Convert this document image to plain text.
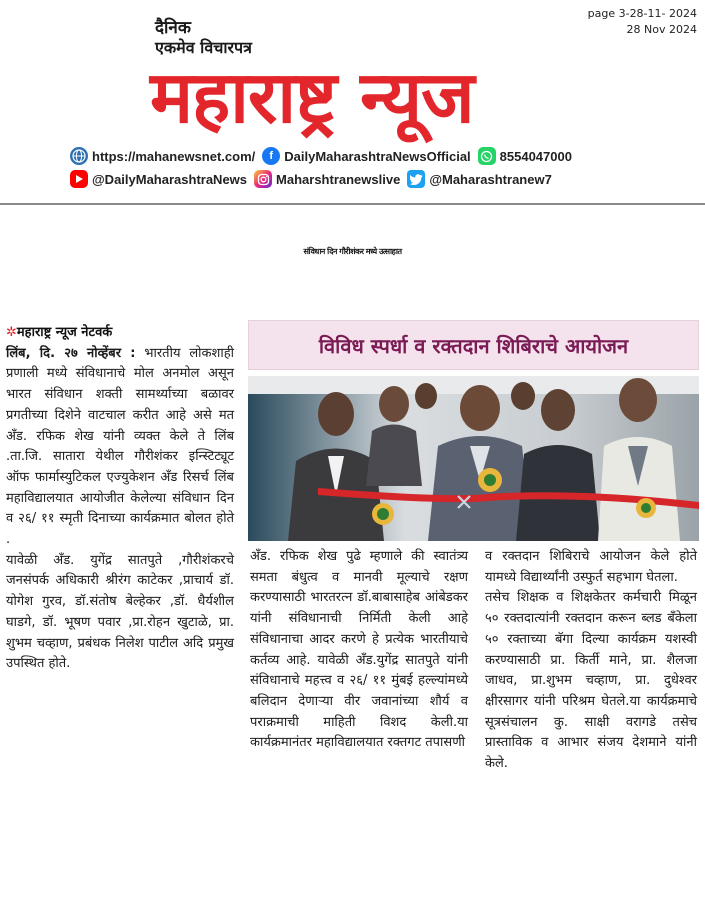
page 3-28-11- 2024
28 Nov 2024
दैनिक
एकमेव विचारपत्र
महाराष्ट्र न्यूज
https://mahanewsnet.com/	f DailyMaharashtraNewsOfficial 8554047000
@DailyMaharashtraNews Maharshtranewslive @Maharashtranew7
संविधान दिन गौरीशंकर मध्ये उत्साहात

✲महाराष्ट्र न्यूज नेटवर्क

लिंब, दि. २७ नोव्हेंबर : भारतीय लोकशाही प्रणाली मध्ये संविधानाचे मोल अनमोल असून भारत संविधान शक्ती सामर्थ्याच्या बळावर प्रगतीच्या दिशेने वाटचाल करीत आहे असे मत अँड. रफिक शेख यांनी व्यक्त केले ते लिंब .ता.जि. सातारा येथील गौरीशंकर इन्स्टिट्यूट ऑफ फार्मास्युटिकल एज्युकेशन अँड रिसर्च लिंब महाविद्यालयात आयोजीत केलेल्या संविधान दिन व २६/ ११ स्मृती दिनाच्या कार्यक्रमात बोलत होते .

यावेळी अँड. युगेंद्र सातपुते ,गौरीशंकरचे जनसंपर्क अधिकारी श्रीरंग काटेकर ,प्राचार्य डॉ. योगेश गुरव, डॉ.संतोष बेल्हेकर ,डॉ. धैर्यशील घाडगे, डॉ. भूषण पवार ,प्रा.रोहन खुटाळे, प्रा. शुभम चव्हाण, प्रबंधक निलेश पाटील अदि प्रमुख उपस्थित होते.

विविध स्पर्धा व रक्तदान शिबिराचे आयोजन

अँड. रफिक शेख पुढे म्हणाले की स्वातंत्र्य समता बंधुत्व व मानवी मूल्याचे रक्षण करण्यासाठी भारतरत्न डॉ.बाबासाहेब आंबेडकर यांनी संविधानाची निर्मिती केली आहे संविधानाचा आदर करणे हे प्रत्येक भारतीयाचे कर्तव्य आहे. यावेळी अँड.युगेंद्र सातपुते यांनी संविधानाचे महत्त्व व २६/ ११ मुंबई हल्ल्यांमध्ये बलिदान देणाऱ्या वीर जवानांच्या शौर्य व पराक्रमाची माहिती विशद केली.या कार्यक्रमानंतर महाविद्यालयात रक्तगट तपासणी

व रक्तदान शिबिराचे आयोजन केले होते यामध्ये विद्यार्थ्यांनी उस्फुर्त सहभाग घेतला.

तसेच शिक्षक व शिक्षकेतर कर्मचारी मिळून ५० रक्तदात्यांनी रक्तदान करून ब्लड बँकेला ५० रक्ताच्या बॅगा दिल्या कार्यक्रम यशस्वी करण्यासाठी प्रा. किर्ती माने, प्रा. शैलजा जाधव, प्रा.शुभम चव्हाण, प्रा. दुधेश्वर क्षीरसागर यांनी परिश्रम घेतले.या कार्यक्रमाचे सूत्रसंचालन कु. साक्षी वरागडे तसेच प्रास्ताविक व आभार संजय देशमाने यांनी केले.
